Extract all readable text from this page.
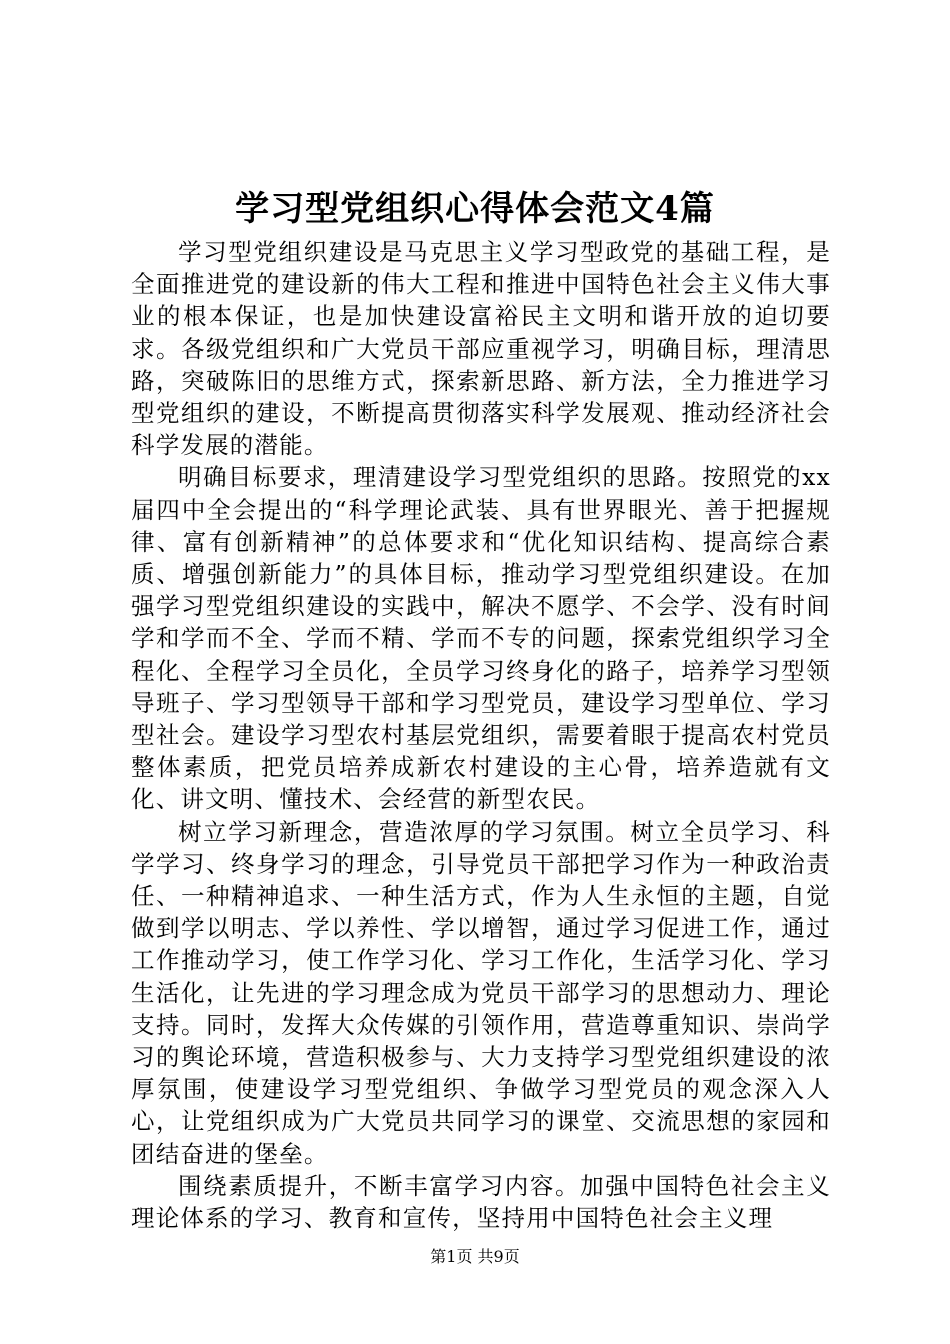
学习型党组织心得体会范文4篇

学习型党组织建设是马克思主义学习型政党的基础工程，是全面推进党的建设新的伟大工程和推进中国特色社会主义伟大事业的根本保证，也是加快建设富裕民主文明和谐开放的迫切要求。各级党组织和广大党员干部应重视学习，明确目标，理清思路，突破陈旧的思维方式，探索新思路、新方法，全力推进学习型党组织的建设，不断提高贯彻落实科学发展观、推动经济社会科学发展的潜能。

明确目标要求，理清建设学习型党组织的思路。按照党的xx届四中全会提出的“科学理论武装、具有世界眼光、善于把握规律、富有创新精神”的总体要求和“优化知识结构、提高综合素质、增强创新能力”的具体目标，推动学习型党组织建设。在加强学习型党组织建设的实践中，解决不愿学、不会学、没有时间学和学而不全、学而不精、学而不专的问题，探索党组织学习全程化、全程学习全员化，全员学习终身化的路子，培养学习型领导班子、学习型领导干部和学习型党员，建设学习型单位、学习型社会。建设学习型农村基层党组织，需要着眼于提高农村党员整体素质，把党员培养成新农村建设的主心骨，培养造就有文化、讲文明、懂技术、会经营的新型农民。

树立学习新理念，营造浓厚的学习氛围。树立全员学习、科学学习、终身学习的理念，引导党员干部把学习作为一种政治责任、一种精神追求、一种生活方式，作为人生永恒的主题，自觉做到学以明志、学以养性、学以增智，通过学习促进工作，通过工作推动学习，使工作学习化、学习工作化，生活学习化、学习生活化，让先进的学习理念成为党员干部学习的思想动力、理论支持。同时，发挥大众传媒的引领作用，营造尊重知识、崇尚学习的舆论环境，营造积极参与、大力支持学习型党组织建设的浓厚氛围，使建设学习型党组织、争做学习型党员的观念深入人心，让党组织成为广大党员共同学习的课堂、交流思想的家园和团结奋进的堡垒。

围绕素质提升，不断丰富学习内容。加强中国特色社会主义理论体系的学习、教育和宣传，坚持用中国特色社会主义理

第1页 共9页
